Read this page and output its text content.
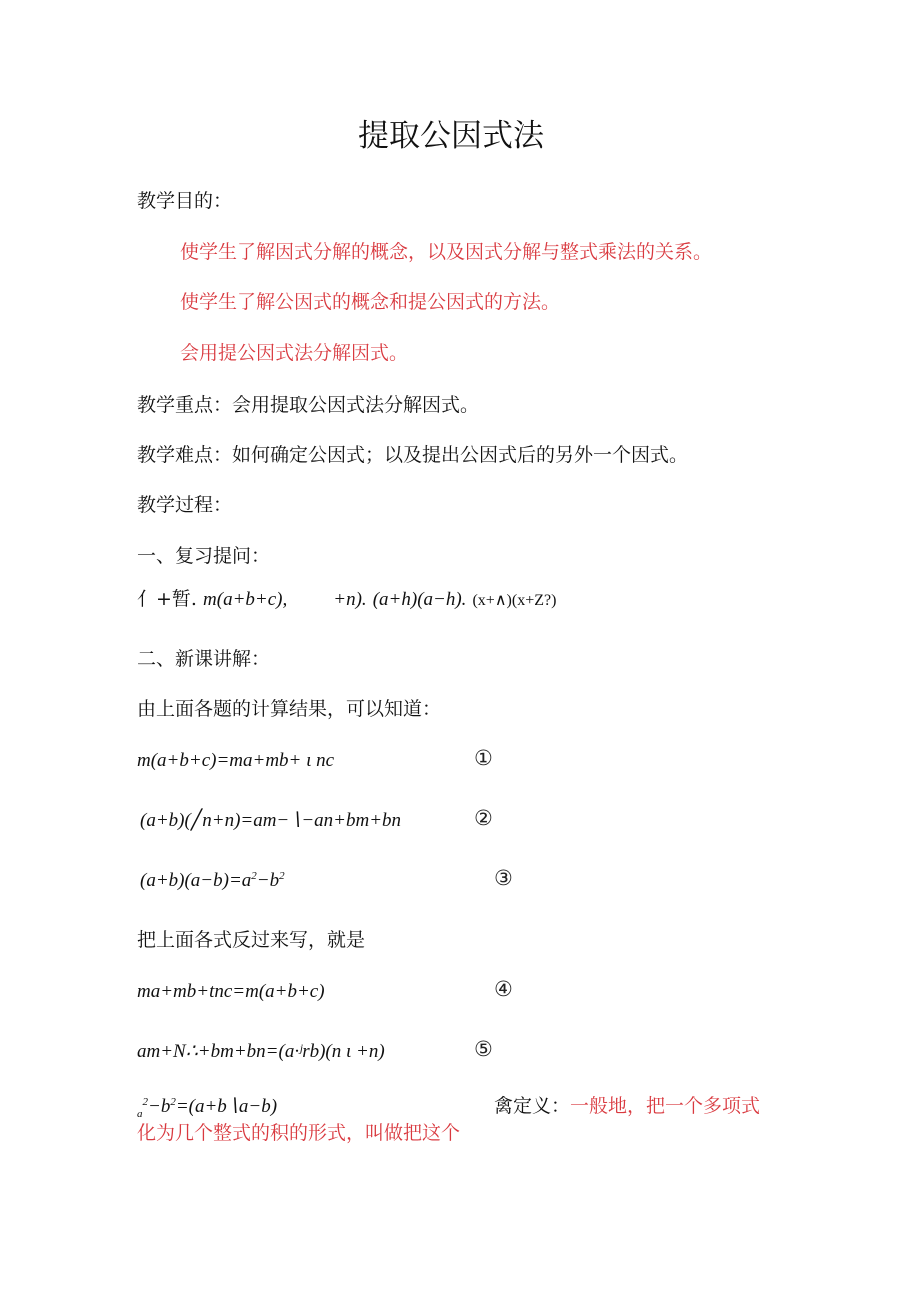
提取公因式法
教学目的：
使学生了解因式分解的概念，以及因式分解与整式乘法的关系。
使学生了解公因式的概念和提公因式的方法。
会用提公因式法分解因式。
教学重点：会用提取公因式法分解因式。
教学难点：如何确定公因式；以及提出公因式后的另外一个因式。
教学过程：
一、复习提问：
亻+暂. m(a+b+c), +n). (a+h)(a−h). (x+∧)(x+Z?)
二、新课讲解：
由上面各题的计算结果，可以知道：
m(a+b+c)=ma+mb+ ι nc	①
(a+b)(╱n+n)=am−∖−an+bm+bn	②
$(a+b)(a-b)=a^2-b^2$	③
把上面各式反过来写，就是
ma+mb+tnc=m(a+b+c)	④
am+N∴+bm+bn=(a∙ʲrb)(n ι +n)	⑤
$_a^2-b^2=(a+b∖a-b)$	禽定义：一般地，把一个多项式
化为几个整式的积的形式，叫做把这个
